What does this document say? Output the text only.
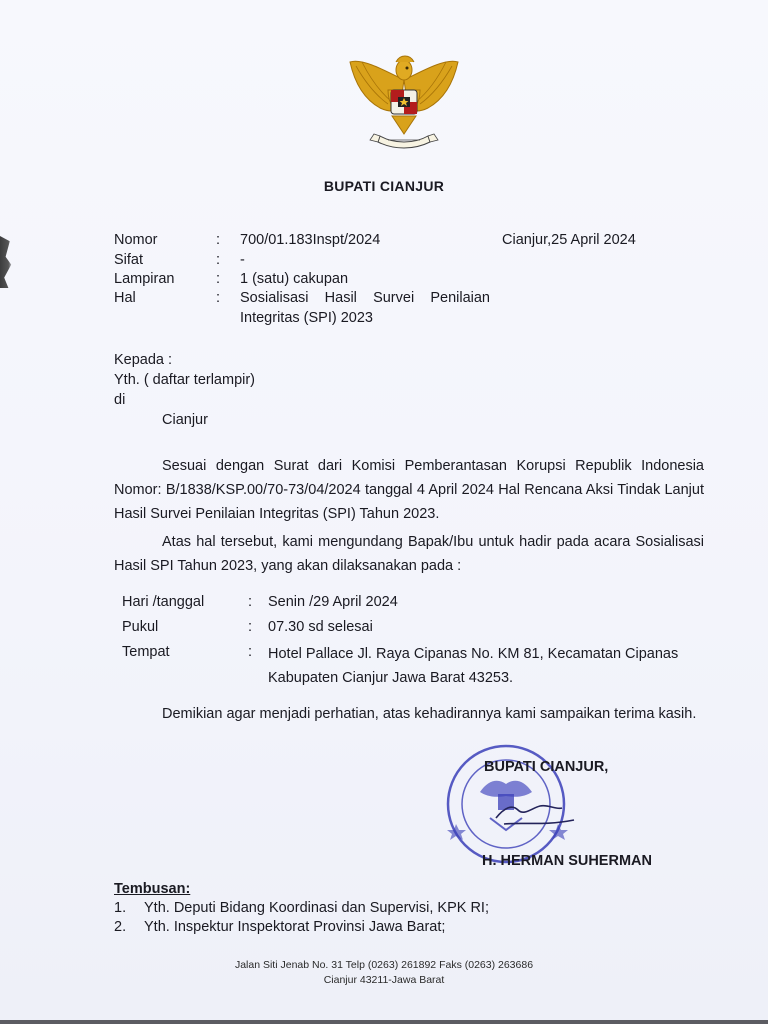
BUPATI CIANJUR
Nomor	: 700/01.183Inspt/2024
Sifat	: -
Lampiran	: 1 (satu) cakupan
Hal	: Sosialisasi Hasil Survei Penilaian Integritas (SPI) 2023
Cianjur,25 April 2024
Kepada :
Yth. ( daftar terlampir)
di
Cianjur
Sesuai dengan Surat dari Komisi Pemberantasan Korupsi Republik Indonesia Nomor: B/1838/KSP.00/70-73/04/2024 tanggal 4 April 2024 Hal Rencana Aksi Tindak Lanjut Hasil Survei Penilaian Integritas (SPI) Tahun 2023.
Atas hal tersebut, kami mengundang Bapak/Ibu untuk hadir pada acara Sosialisasi Hasil SPI Tahun 2023, yang akan dilaksanakan pada :
Hari /tanggal	: Senin /29 April 2024
Pukul	: 07.30 sd selesai
Tempat	: Hotel Pallace Jl. Raya Cipanas No. KM 81, Kecamatan Cipanas Kabupaten Cianjur Jawa Barat 43253.
Demikian agar menjadi perhatian, atas kehadirannya kami sampaikan terima kasih.
BUPATI CIANJUR,
H. HERMAN SUHERMAN
Tembusan:
1. Yth. Deputi Bidang Koordinasi dan Supervisi, KPK RI;
2. Yth. Inspektur Inspektorat Provinsi Jawa Barat;
Jalan Siti Jenab No. 31 Telp (0263) 261892 Faks (0263) 263686
Cianjur 43211-Jawa Barat
